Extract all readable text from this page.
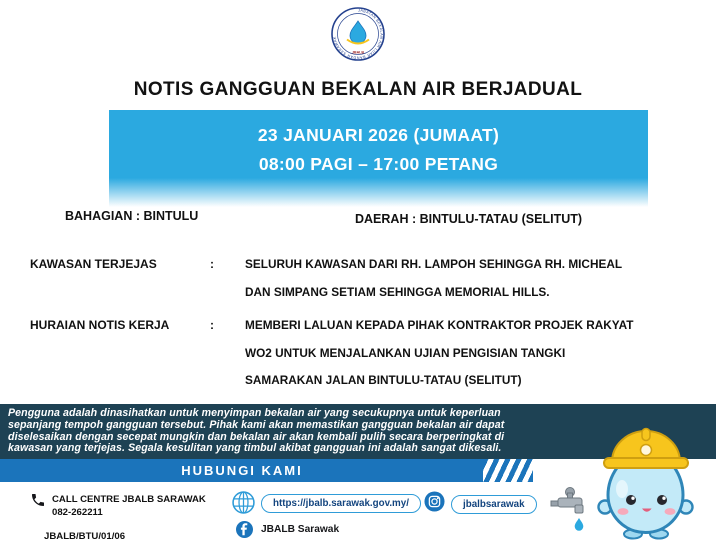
JABATAN BEKALAN AIR LUAR BANDAR SARAWAK
JBALB
NOTIS GANGGUAN BEKALAN AIR BERJADUAL
23 JANUARI 2026 (JUMAAT)
08:00 PAGI – 17:00 PETANG
BAHAGIAN : BINTULU	DAERAH : BINTULU-TATAU (SELITUT)
KAWASAN TERJEJAS	:	SELURUH KAWASAN DARI RH. LAMPOH SEHINGGA RH. MICHEAL
DAN SIMPANG SETIAM SEHINGGA MEMORIAL HILLS.
HURAIAN NOTIS KERJA	:	MEMBERI LALUAN KEPADA PIHAK KONTRAKTOR PROJEK RAKYAT
WO2 UNTUK MENJALANKAN UJIAN PENGISIAN TANGKI
SAMARAKAN JALAN BINTULU-TATAU (SELITUT)
Pengguna adalah dinasihatkan untuk menyimpan bekalan air yang secukupnya untuk keperluan
sepanjang tempoh gangguan tersebut. Pihak kami akan memastikan gangguan bekalan air dapat
diselesaikan dengan secepat mungkin dan bekalan air akan kembali pulih secara berperingkat di
kawasan yang terjejas. Segala kesulitan yang timbul akibat gangguan ini adalah sangat dikesali.
HUBUNGI KAMI
CALL CENTRE JBALB SARAWAK
082-262211
JBALB/BTU/01/06
https://jbalb.sarawak.gov.my/	jbalbsarawak
JBALB Sarawak
